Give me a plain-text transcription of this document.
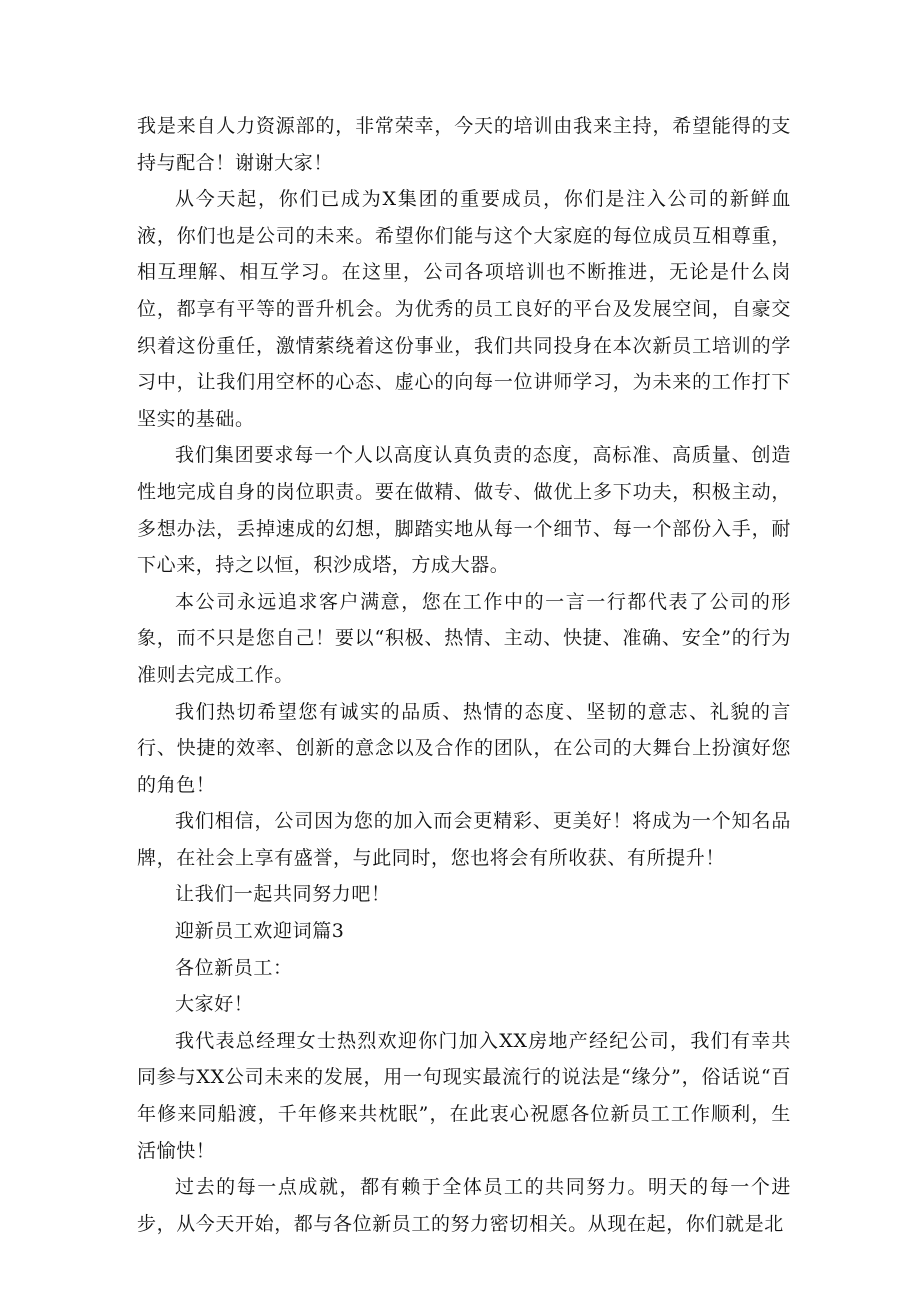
我是来自人力资源部的，非常荣幸，今天的培训由我来主持，希望能得的支持与配合！谢谢大家！

从今天起，你们已成为X集团的重要成员，你们是注入公司的新鲜血液，你们也是公司的未来。希望你们能与这个大家庭的每位成员互相尊重，相互理解、相互学习。在这里，公司各项培训也不断推进，无论是什么岗位，都享有平等的晋升机会。为优秀的员工良好的平台及发展空间，自豪交织着这份重任，激情萦绕着这份事业，我们共同投身在本次新员工培训的学习中，让我们用空杯的心态、虚心的向每一位讲师学习，为未来的工作打下坚实的基础。

我们集团要求每一个人以高度认真负责的态度，高标准、高质量、创造性地完成自身的岗位职责。要在做精、做专、做优上多下功夫，积极主动，多想办法，丢掉速成的幻想，脚踏实地从每一个细节、每一个部份入手，耐下心来，持之以恒，积沙成塔，方成大器。

本公司永远追求客户满意，您在工作中的一言一行都代表了公司的形象，而不只是您自己！要以“积极、热情、主动、快捷、准确、安全”的行为准则去完成工作。

我们热切希望您有诚实的品质、热情的态度、坚韧的意志、礼貌的言行、快捷的效率、创新的意念以及合作的团队，在公司的大舞台上扮演好您的角色！

我们相信，公司因为您的加入而会更精彩、更美好！将成为一个知名品牌，在社会上享有盛誉，与此同时，您也将会有所收获、有所提升！

让我们一起共同努力吧！

迎新员工欢迎词篇3

各位新员工：

大家好！

我代表总经理女士热烈欢迎你门加入XX房地产经纪公司，我们有幸共同参与XX公司未来的发展，用一句现实最流行的说法是“缘分”，俗话说“百年修来同船渡，千年修来共枕眠”，在此衷心祝愿各位新员工工作顺利，生活愉快！

过去的每一点成就，都有赖于全体员工的共同努力。明天的每一个进步，从今天开始，都与各位新员工的努力密切相关。从现在起，你们就是北
